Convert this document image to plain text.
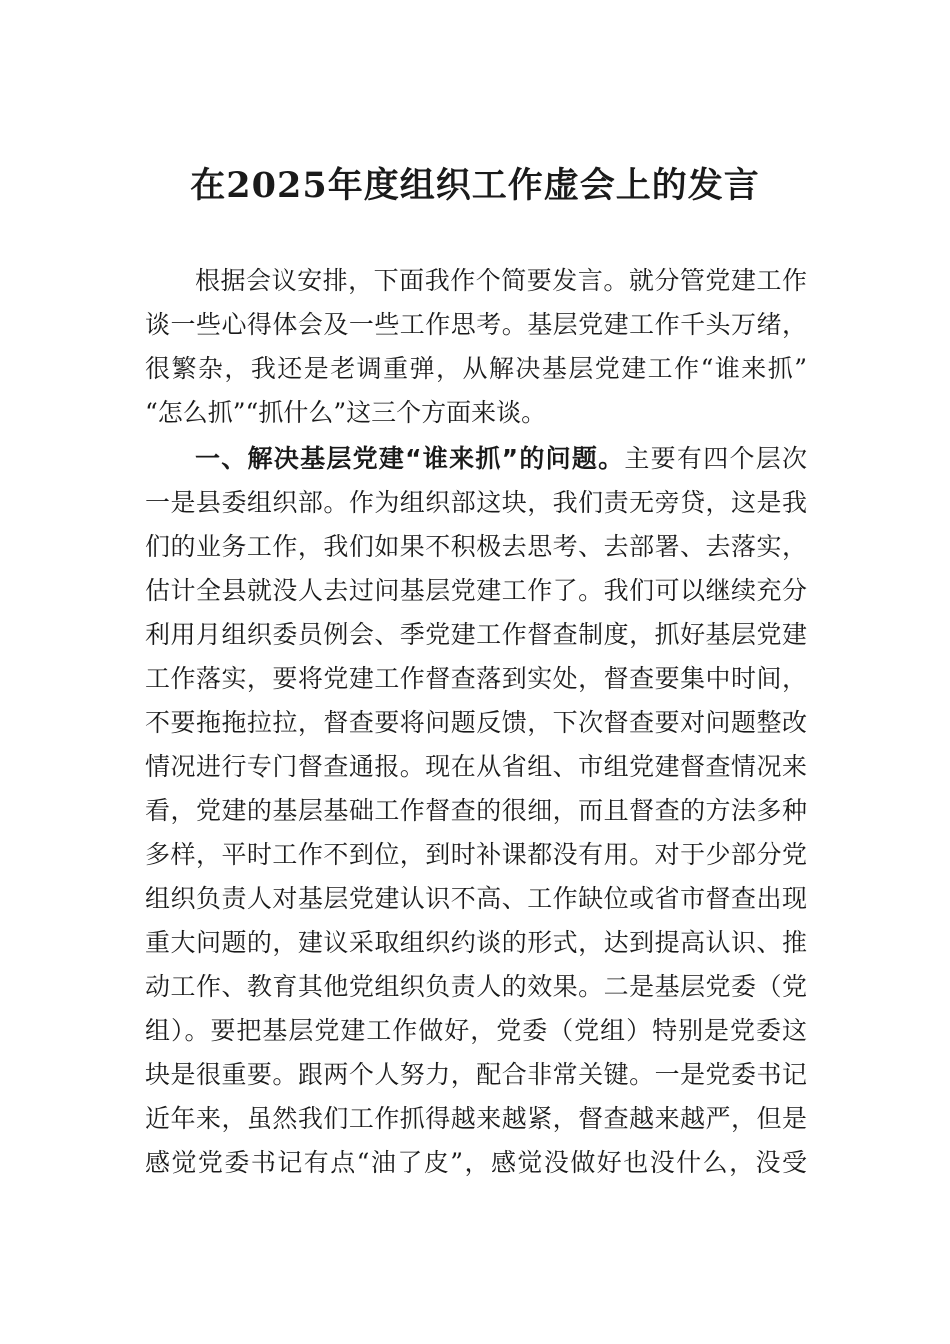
在2025年度组织工作虚会上的发言
根据会议安排，下面我作个简要发言。就分管党建工作
谈一些心得体会及一些工作思考。基层党建工作千头万绪，
很繁杂，我还是老调重弹，从解决基层党建工作“谁来抓”
“怎么抓”“抓什么”这三个方面来谈。
一、解决基层党建“谁来抓”的问题。主要有四个层次
一是县委组织部。作为组织部这块，我们责无旁贷，这是我
们的业务工作，我们如果不积极去思考、去部署、去落实，
估计全县就没人去过问基层党建工作了。我们可以继续充分
利用月组织委员例会、季党建工作督查制度，抓好基层党建
工作落实，要将党建工作督查落到实处，督查要集中时间，
不要拖拖拉拉，督查要将问题反馈，下次督查要对问题整改
情况进行专门督查通报。现在从省组、市组党建督查情况来
看，党建的基层基础工作督查的很细，而且督查的方法多种
多样，平时工作不到位，到时补课都没有用。对于少部分党
组织负责人对基层党建认识不高、工作缺位或省市督查出现
重大问题的，建议采取组织约谈的形式，达到提高认识、推
动工作、教育其他党组织负责人的效果。二是基层党委（党
组）。要把基层党建工作做好，党委（党组）特别是党委这
块是很重要。跟两个人努力，配合非常关键。一是党委书记
近年来，虽然我们工作抓得越来越紧，督查越来越严，但是
感觉党委书记有点“油了皮”，感觉没做好也没什么，没受
